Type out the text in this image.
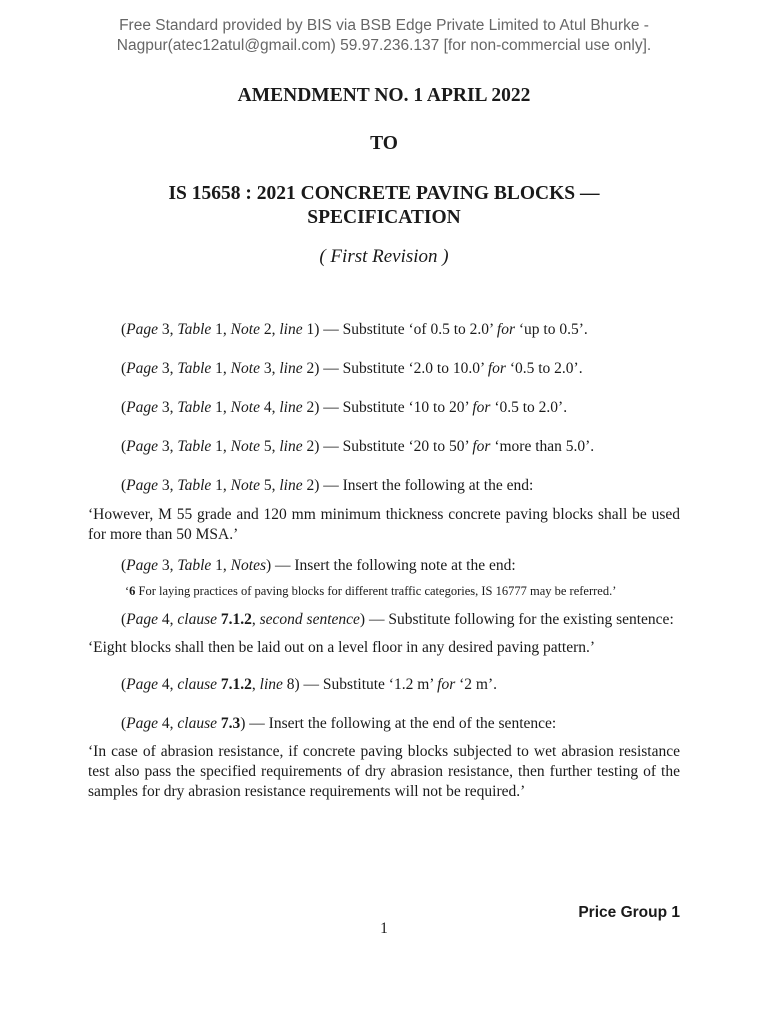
Free Standard provided by BIS via BSB Edge Private Limited to Atul Bhurke -
Nagpur(atec12atul@gmail.com) 59.97.236.137 [for non-commercial use only].
AMENDMENT NO. 1 APRIL 2022
TO
IS 15658 : 2021 CONCRETE PAVING BLOCKS —
SPECIFICATION
( First Revision )

(Page 3, Table 1, Note 2, line 1) — Substitute ‘of 0.5 to 2.0’ for ‘up to 0.5’.

(Page 3, Table 1, Note 3, line 2) — Substitute ‘2.0 to 10.0’ for ‘0.5 to 2.0’.

(Page 3, Table 1, Note 4, line 2) — Substitute ‘10 to 20’ for ‘0.5 to 2.0’.

(Page 3, Table 1, Note 5, line 2) — Substitute ‘20 to 50’ for ‘more than 5.0’.

(Page 3, Table 1, Note 5, line 2) — Insert the following at the end:

‘However, M 55 grade and 120 mm minimum thickness concrete paving blocks shall be used for more than 50 MSA.’

(Page 3, Table 1, Notes) — Insert the following note at the end:

‘6 For laying practices of paving blocks for different traffic categories, IS 16777 may be referred.’

(Page 4, clause 7.1.2, second sentence) — Substitute following for the existing sentence:

‘Eight blocks shall then be laid out on a level floor in any desired paving pattern.’

(Page 4, clause 7.1.2, line 8) — Substitute ‘1.2 m’ for ‘2 m’.

(Page 4, clause 7.3) — Insert the following at the end of the sentence:

‘In case of abrasion resistance, if concrete paving blocks subjected to wet abrasion resistance test also pass the specified requirements of dry abrasion resistance, then further testing of the samples for dry abrasion resistance requirements will not be required.’

Price Group 1
1
